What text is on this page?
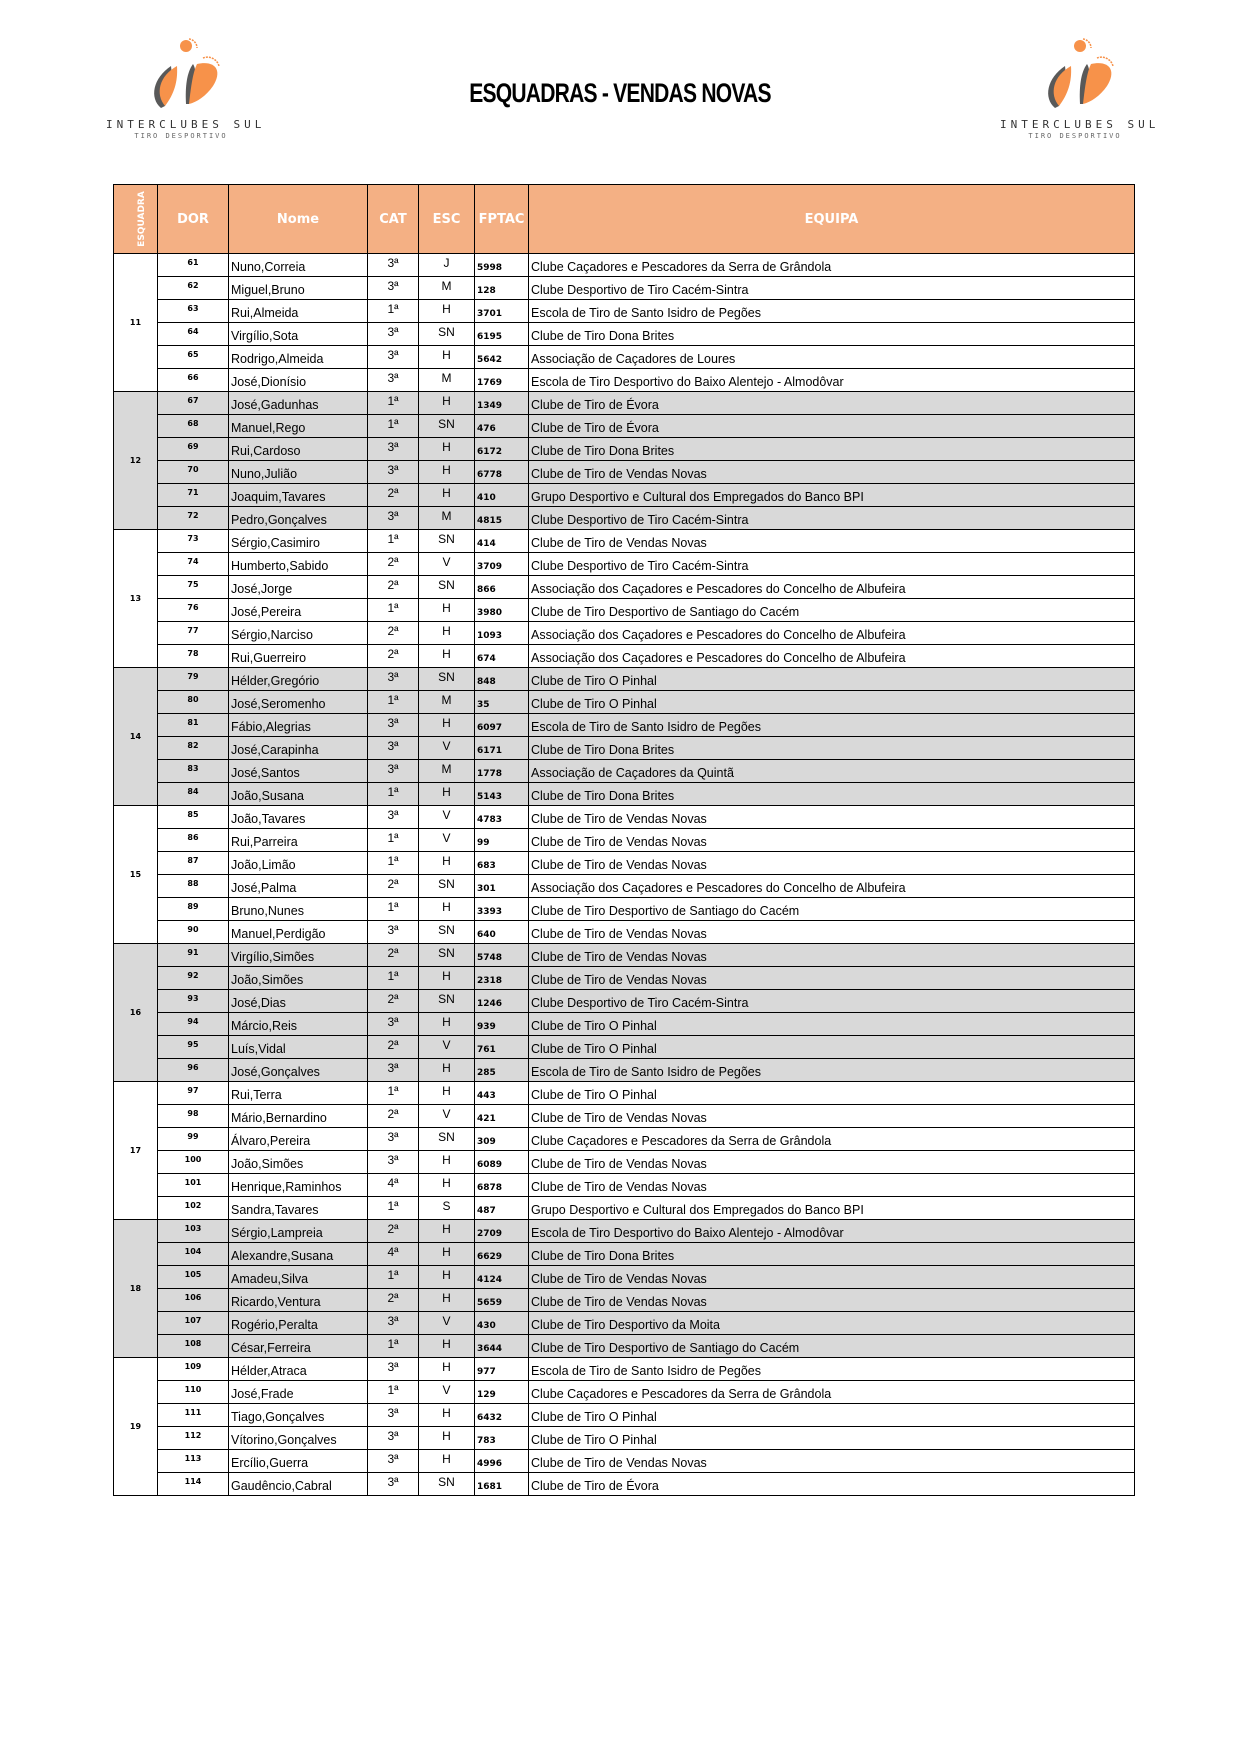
INTERCLUBES SUL
TIRO DESPORTIVO
ESQUADRAS - VENDAS NOVAS
INTERCLUBES SUL
TIRO DESPORTIVO
ESQUADRA	DOR	Nome	CAT	ESC	FPTAC	EQUIPA
11	61	Nuno,Correia	3ª	J	5998	Clube Caçadores e Pescadores da Serra de Grândola
	62	Miguel,Bruno	3ª	M	128	Clube Desportivo de Tiro Cacém-Sintra
	63	Rui,Almeida	1ª	H	3701	Escola de Tiro de Santo Isidro de Pegões
	64	Virgílio,Sota	3ª	SN	6195	Clube de Tiro Dona Brites
	65	Rodrigo,Almeida	3ª	H	5642	Associação de Caçadores de Loures
	66	José,Dionísio	3ª	M	1769	Escola de Tiro Desportivo do Baixo Alentejo - Almodôvar
12	67	José,Gadunhas	1ª	H	1349	Clube de Tiro de Évora
	68	Manuel,Rego	1ª	SN	476	Clube de Tiro de Évora
	69	Rui,Cardoso	3ª	H	6172	Clube de Tiro Dona Brites
	70	Nuno,Julião	3ª	H	6778	Clube de Tiro de Vendas Novas
	71	Joaquim,Tavares	2ª	H	410	Grupo Desportivo e Cultural dos Empregados do Banco BPI
	72	Pedro,Gonçalves	3ª	M	4815	Clube Desportivo de Tiro Cacém-Sintra
13	73	Sérgio,Casimiro	1ª	SN	414	Clube de Tiro de Vendas Novas
	74	Humberto,Sabido	2ª	V	3709	Clube Desportivo de Tiro Cacém-Sintra
	75	José,Jorge	2ª	SN	866	Associação dos Caçadores e Pescadores do Concelho de Albufeira
	76	José,Pereira	1ª	H	3980	Clube de Tiro Desportivo de Santiago do Cacém
	77	Sérgio,Narciso	2ª	H	1093	Associação dos Caçadores e Pescadores do Concelho de Albufeira
	78	Rui,Guerreiro	2ª	H	674	Associação dos Caçadores e Pescadores do Concelho de Albufeira
14	79	Hélder,Gregório	3ª	SN	848	Clube de Tiro O Pinhal
	80	José,Seromenho	1ª	M	35	Clube de Tiro O Pinhal
	81	Fábio,Alegrias	3ª	H	6097	Escola de Tiro de Santo Isidro de Pegões
	82	José,Carapinha	3ª	V	6171	Clube de Tiro Dona Brites
	83	José,Santos	3ª	M	1778	Associação de Caçadores da Quintã
	84	João,Susana	1ª	H	5143	Clube de Tiro Dona Brites
15	85	João,Tavares	3ª	V	4783	Clube de Tiro de Vendas Novas
	86	Rui,Parreira	1ª	V	99	Clube de Tiro de Vendas Novas
	87	João,Limão	1ª	H	683	Clube de Tiro de Vendas Novas
	88	José,Palma	2ª	SN	301	Associação dos Caçadores e Pescadores do Concelho de Albufeira
	89	Bruno,Nunes	1ª	H	3393	Clube de Tiro Desportivo de Santiago do Cacém
	90	Manuel,Perdigão	3ª	SN	640	Clube de Tiro de Vendas Novas
16	91	Virgílio,Simões	2ª	SN	5748	Clube de Tiro de Vendas Novas
	92	João,Simões	1ª	H	2318	Clube de Tiro de Vendas Novas
	93	José,Dias	2ª	SN	1246	Clube Desportivo de Tiro Cacém-Sintra
	94	Márcio,Reis	3ª	H	939	Clube de Tiro O Pinhal
	95	Luís,Vidal	2ª	V	761	Clube de Tiro O Pinhal
	96	José,Gonçalves	3ª	H	285	Escola de Tiro de Santo Isidro de Pegões
17	97	Rui,Terra	1ª	H	443	Clube de Tiro O Pinhal
	98	Mário,Bernardino	2ª	V	421	Clube de Tiro de Vendas Novas
	99	Álvaro,Pereira	3ª	SN	309	Clube Caçadores e Pescadores da Serra de Grândola
	100	João,Simões	3ª	H	6089	Clube de Tiro de Vendas Novas
	101	Henrique,Raminhos	4ª	H	6878	Clube de Tiro de Vendas Novas
	102	Sandra,Tavares	1ª	S	487	Grupo Desportivo e Cultural dos Empregados do Banco BPI
18	103	Sérgio,Lampreia	2ª	H	2709	Escola de Tiro Desportivo do Baixo Alentejo - Almodôvar
	104	Alexandre,Susana	4ª	H	6629	Clube de Tiro Dona Brites
	105	Amadeu,Silva	1ª	H	4124	Clube de Tiro de Vendas Novas
	106	Ricardo,Ventura	2ª	H	5659	Clube de Tiro de Vendas Novas
	107	Rogério,Peralta	3ª	V	430	Clube de Tiro Desportivo da Moita
	108	César,Ferreira	1ª	H	3644	Clube de Tiro Desportivo de Santiago do Cacém
19	109	Hélder,Atraca	3ª	H	977	Escola de Tiro de Santo Isidro de Pegões
	110	José,Frade	1ª	V	129	Clube Caçadores e Pescadores da Serra de Grândola
	111	Tiago,Gonçalves	3ª	H	6432	Clube de Tiro O Pinhal
	112	Vítorino,Gonçalves	3ª	H	783	Clube de Tiro O Pinhal
	113	Ercílio,Guerra	3ª	H	4996	Clube de Tiro de Vendas Novas
	114	Gaudêncio,Cabral	3ª	SN	1681	Clube de Tiro de Évora
